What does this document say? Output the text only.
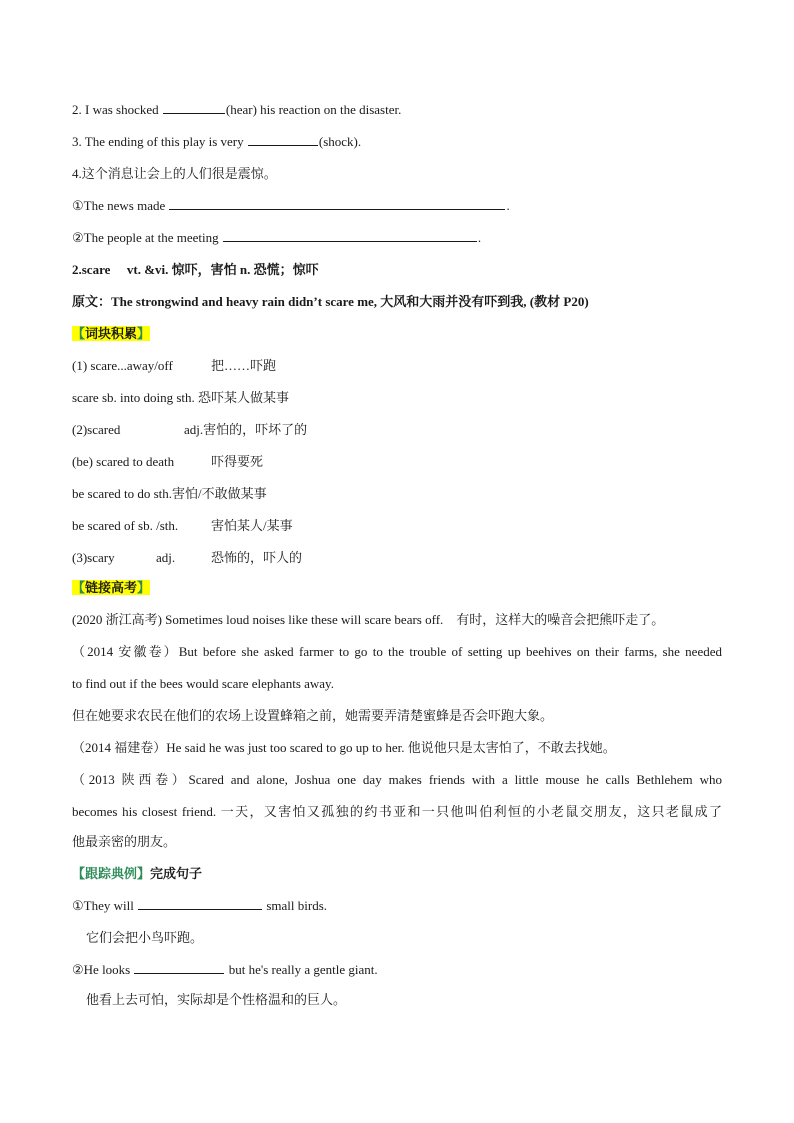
2. I was shocked	(hear) his reaction on the disaster.
3. The ending of this play is very	(shock).
4.这个消息让会上的人们很是震惊。
①The news made	.
②The people at the meeting	.
2.scare vt. &vi. 惊吓，害怕 n. 恐慌；惊吓
原文：The strongwind and heavy rain didn’t scare me, 大风和大雨并没有吓到我, (教材 P20)
【词块积累】
(1) scare...away/off	把……吓跑
scare sb. into doing sth. 恐吓某人做某事
(2)scared	adj.害怕的，吓坏了的
(be) scared to death	吓得要死
be scared to do sth.害怕/不敢做某事
be scared of sb. /sth.	害怕某人/某事
(3)scary	adj.	恐怖的，吓人的
【链接高考】
(2020 浙江高考) Sometimes loud noises like these will scare bears off.　有时，这样大的噪音会把熊吓走了。
（2014 安徽卷）But before she asked farmer to go to the trouble of setting up beehives on their farms, she needed
to find out if the bees would scare elephants away.
但在她要求农民在他们的农场上设置蜂箱之前，她需要弄清楚蜜蜂是否会吓跑大象。
（2014 福建卷）He said he was just too scared to go up to her. 他说他只是太害怕了，不敢去找她。
（2013 陕西卷）Scared and alone, Joshua one day makes friends with a little mouse he calls Bethlehem who
becomes his closest friend. 一天，又害怕又孤独的约书亚和一只他叫伯利恒的小老鼠交朋友，这只老鼠成了
他最亲密的朋友。
【跟踪典例】完成句子
①They will	small birds.
它们会把小鸟吓跑。
②He looks	but he's really a gentle giant.
他看上去可怕，实际却是个性格温和的巨人。
